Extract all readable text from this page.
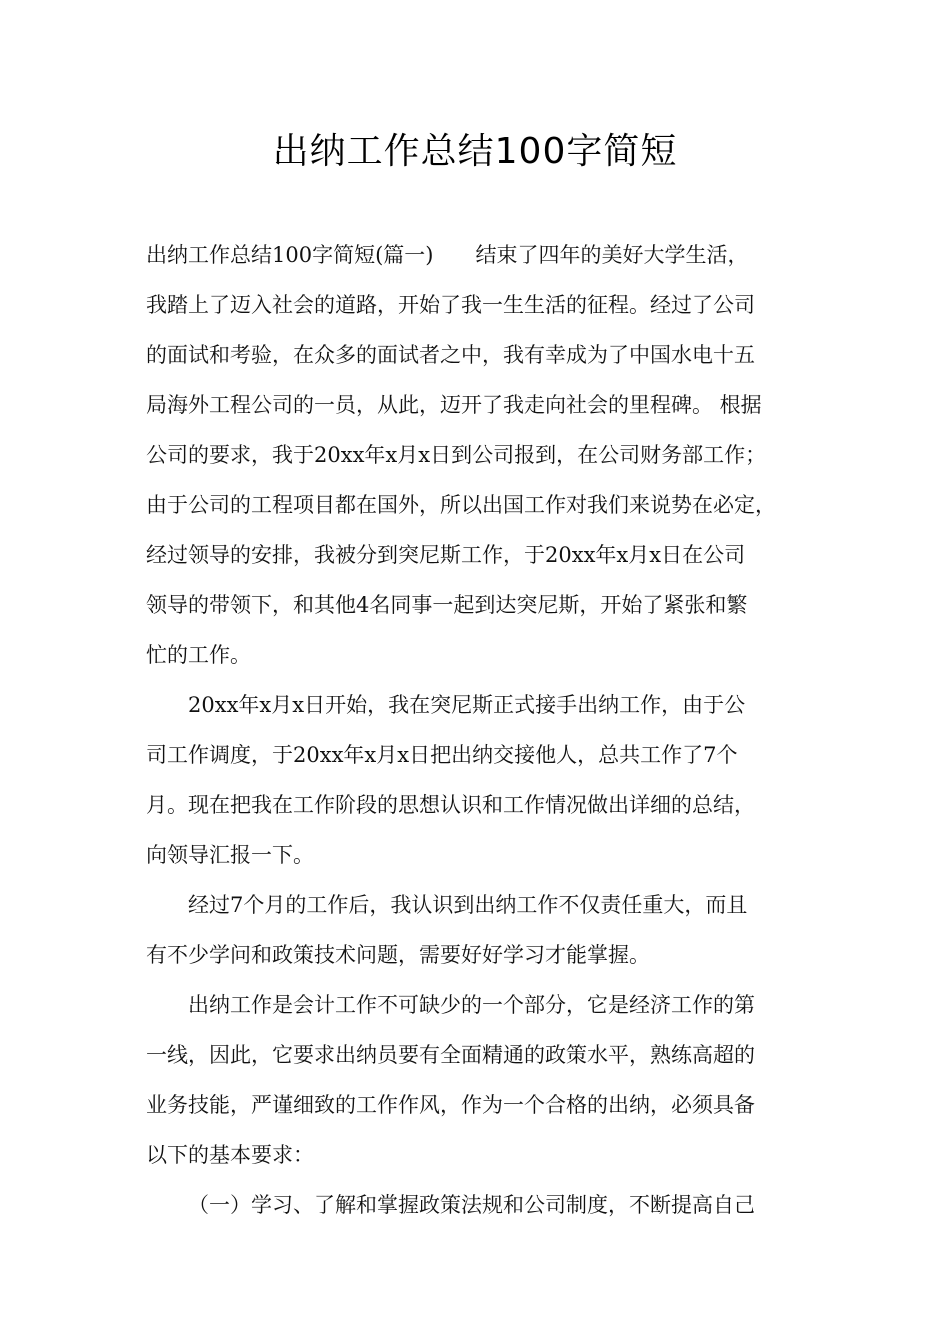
出纳工作总结100字简短
出纳工作总结100字简短(篇一)　　结束了四年的美好大学生活，
我踏上了迈入社会的道路，开始了我一生生活的征程。经过了公司
的面试和考验，在众多的面试者之中，我有幸成为了中国水电十五
局海外工程公司的一员，从此，迈开了我走向社会的里程碑。 根据
公司的要求，我于20xx年x月x日到公司报到，在公司财务部工作；
由于公司的工程项目都在国外，所以出国工作对我们来说势在必定，
经过领导的安排，我被分到突尼斯工作，于20xx年x月x日在公司
领导的带领下，和其他4名同事一起到达突尼斯，开始了紧张和繁
忙的工作。
20xx年x月x日开始，我在突尼斯正式接手出纳工作，由于公
司工作调度，于20xx年x月x日把出纳交接他人，总共工作了7个
月。现在把我在工作阶段的思想认识和工作情况做出详细的总结，
向领导汇报一下。
经过7个月的工作后，我认识到出纳工作不仅责任重大，而且
有不少学问和政策技术问题，需要好好学习才能掌握。
出纳工作是会计工作不可缺少的一个部分，它是经济工作的第
一线，因此，它要求出纳员要有全面精通的政策水平，熟练高超的
业务技能，严谨细致的工作作风，作为一个合格的出纳，必须具备
以下的基本要求：
（一）学习、了解和掌握政策法规和公司制度，不断提高自己
